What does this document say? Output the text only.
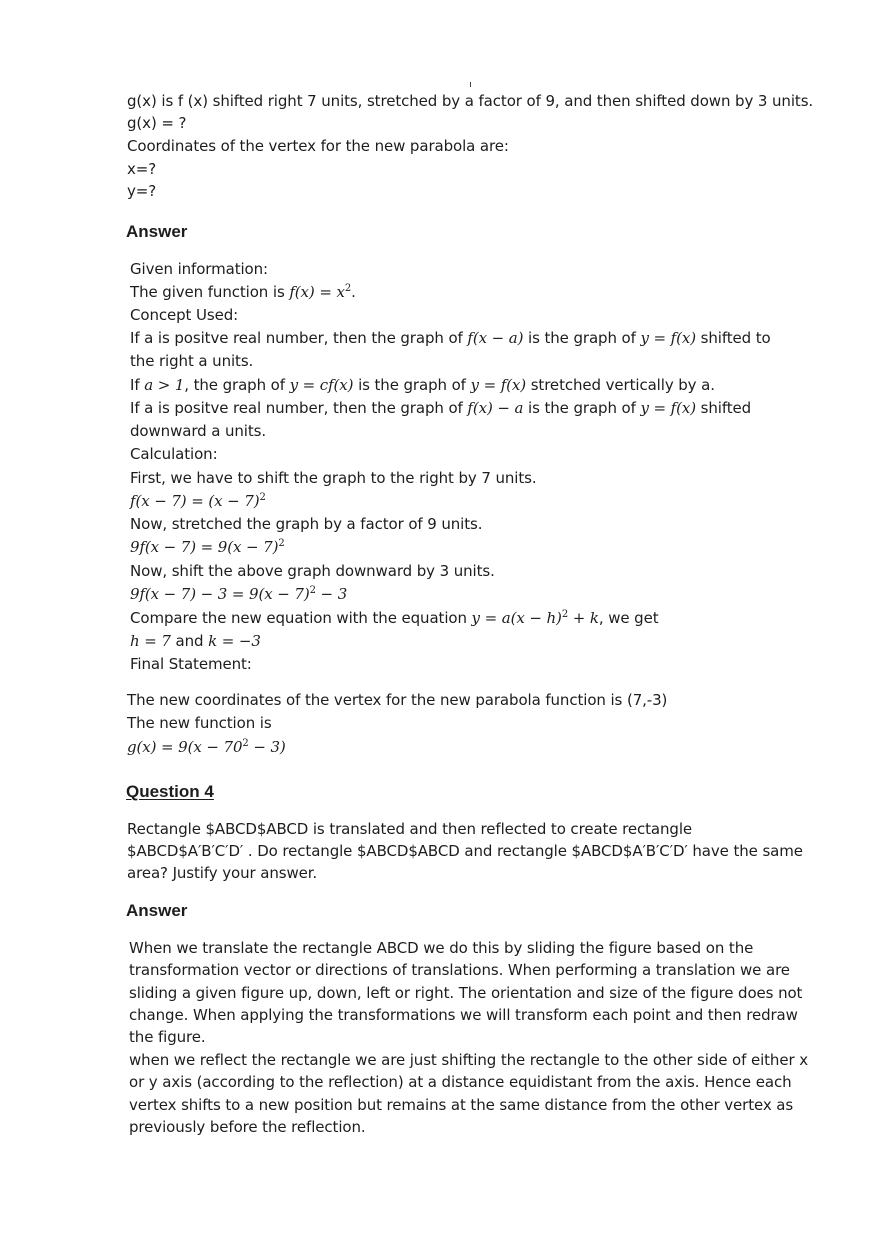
g(x) is f (x) shifted right 7 units, stretched by a factor of 9, and then shifted down by 3 units.
g(x) = ?
Coordinates of the vertex for the new parabola are:
x=?
y=?
Answer
Given information:
The given function is $f(x) = x^2$.
Concept Used:
If a is positve real number, then the graph of f(x − a) is the graph of y = f(x) shifted to
the right a units.
If a > 1, the graph of y = cf(x) is the graph of y = f(x) stretched vertically by a.
If a is positve real number, then the graph of f(x) − a is the graph of y = f(x) shifted
downward a units.
Calculation:
First, we have to shift the graph to the right by 7 units.
$f(x - 7) = (x - 7)^2$
Now, stretched the graph by a factor of 9 units.
$9f(x - 7) = 9(x - 7)^2$
Now, shift the above graph downward by 3 units.
$9f(x - 7) - 3 = 9(x - 7)^2 - 3$
Compare the new equation with the equation $y = a(x - h)^2 + k$, we get
h = 7 and k = −3
Final Statement:
The new coordinates of the vertex for the new parabola function is (7,-3)
The new function is
$g(x) = 9(x - 70^2 - 3)$
Question 4
Rectangle $ABCD$ABCD is translated and then reflected to create rectangle
$ABCD$A′B′C′D′ . Do rectangle $ABCD$ABCD and rectangle $ABCD$A′B′C′D′ have the same
area? Justify your answer.
Answer
When we translate the rectangle ABCD we do this by sliding the figure based on the
transformation vector or directions of translations. When performing a translation we are
sliding a given figure up, down, left or right. The orientation and size of the figure does not
change. When applying the transformations we will transform each point and then redraw
the figure.
when we reflect the rectangle we are just shifting the rectangle to the other side of either x
or y axis (according to the reflection) at a distance equidistant from the axis. Hence each
vertex shifts to a new position but remains at the same distance from the other vertex as
previously before the reflection.
